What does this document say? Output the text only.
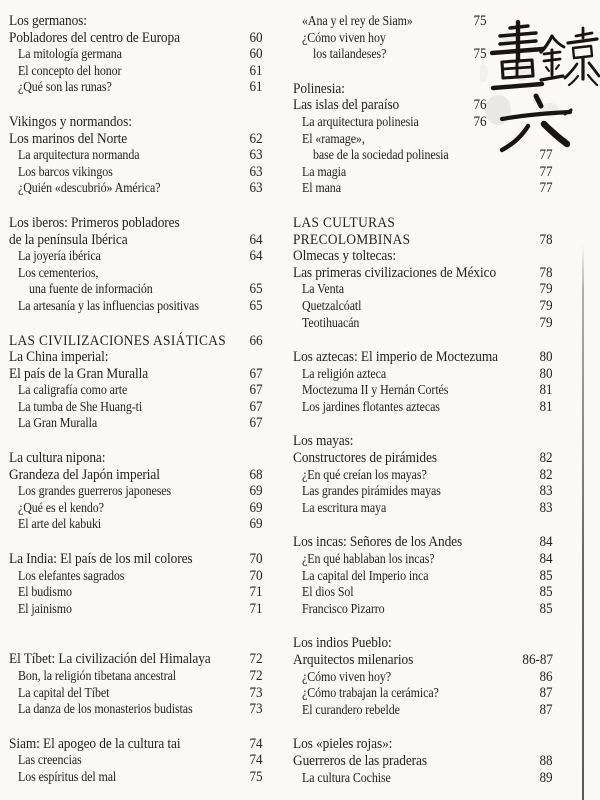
Los germanos:
Pobladores del centro de Europa	60
La mitología germana	60
El concepto del honor	61
¿Qué son las runas?	61
Vikingos y normandos:
Los marinos del Norte	62
La arquitectura normanda	63
Los barcos vikingos	63
¿Quién «descubrió» América?	63
Los iberos: Primeros pobladores
de la península Ibérica	64
La joyería ibérica	64
Los cementerios,
una fuente de información	65
La artesanía y las influencias positivas	65
LAS CIVILIZACIONES ASIÁTICAS 66
La China imperial:
El país de la Gran Muralla	67
La caligrafía como arte	67
La tumba de She Huang-ti	67
La Gran Muralla	67
La cultura nipona:
Grandeza del Japón imperial	68
Los grandes guerreros japoneses	69
¿Qué es el kendo?	69
El arte del kabuki	69
La India: El país de los mil colores	70
Los elefantes sagrados	70
El budismo	71
El jainismo	71
El Tíbet: La civilización del Himalaya	72
Bon, la religión tibetana ancestral	72
La capital del Tíbet	73
La danza de los monasterios budistas	73
Siam: El apogeo de la cultura tai	74
Las creencias	74
Los espíritus del mal	75
«Ana y el rey de Siam»	75
¿Cómo viven hoy
los tailandeses?	75
Polinesia:
Las islas del paraíso	76
La arquitectura polinesia	76
El «ramage»,
base de la sociedad polinesia	77
La magia	77
El mana	77
LAS CULTURAS
PRECOLOMBINAS	78
Olmecas y toltecas:
Las primeras civilizaciones de México	78
La Venta	79
Quetzalcóatl	79
Teotihuacán	79
Los aztecas: El imperio de Moctezuma	80
La religión azteca	80
Moctezuma II y Hernán Cortés	81
Los jardines flotantes aztecas	81
Los mayas:
Constructores de pirámides	82
¿En qué creían los mayas?	82
Las grandes pirámides mayas	83
La escritura maya	83
Los incas: Señores de los Andes	84
¿En qué hablaban los incas?	84
La capital del Imperio inca	85
El dios Sol	85
Francisco Pizarro	85
Los indios Pueblo:
Arquitectos milenarios	86-87
¿Cómo viven hoy?	86
¿Cómo trabajan la cerámica?	87
El curandero rebelde	87
Los «pieles rojas»:
Guerreros de las praderas	88
La cultura Cochise	89
